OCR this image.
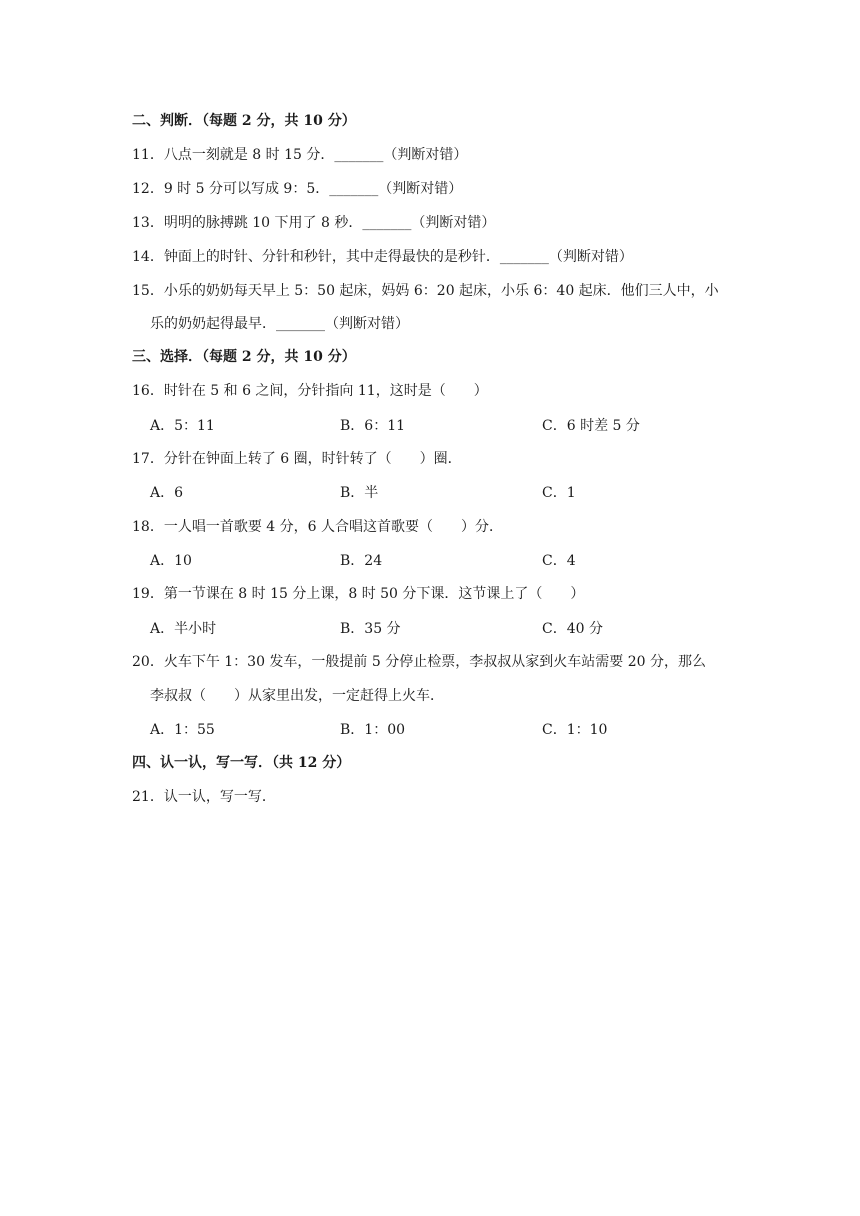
二、判断．（每题 2 分，共 10 分）
11．八点一刻就是 8 时 15 分．_______（判断对错）
12．9 时 5 分可以写成 9：5．_______（判断对错）
13．明明的脉搏跳 10 下用了 8 秒．_______（判断对错）
14．钟面上的时针、分针和秒针，其中走得最快的是秒针．_______（判断对错）
15．小乐的奶奶每天早上 5：50 起床，妈妈 6：20 起床，小乐 6：40 起床．他们三人中，小
乐的奶奶起得最早．_______（判断对错）
三、选择．（每题 2 分，共 10 分）
16．时针在 5 和 6 之间，分针指向 11，这时是（　　）
A．5：11	B．6：11	C．6 时差 5 分
17．分针在钟面上转了 6 圈，时针转了（　　）圈．
A．6	B．半	C．1
18．一人唱一首歌要 4 分，6 人合唱这首歌要（　　）分．
A．10	B．24	C．4
19．第一节课在 8 时 15 分上课，8 时 50 分下课．这节课上了（　　）
A．半小时	B．35 分	C．40 分
20．火车下午 1：30 发车，一般提前 5 分停止检票，李叔叔从家到火车站需要 20 分，那么
李叔叔（　　）从家里出发，一定赶得上火车．
A．1：55	B．1：00	C．1：10
四、认一认，写一写．（共 12 分）
21．认一认，写一写．
